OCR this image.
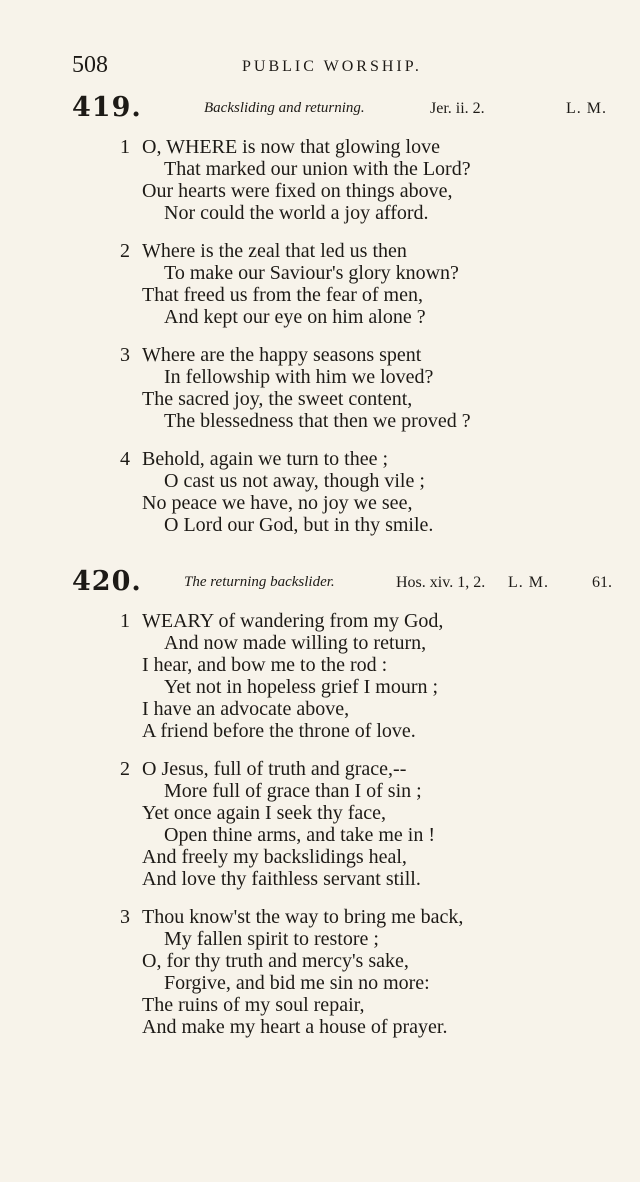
508	PUBLIC WORSHIP.
419.	Backsliding and returning.	Jer. ii. 2.	L. M.
1 O, WHERE is now that glowing love
That marked our union with the Lord?
Our hearts were fixed on things above,
Nor could the world a joy afford.
2 Where is the zeal that led us then
To make our Saviour's glory known?
That freed us from the fear of men,
And kept our eye on him alone ?
3 Where are the happy seasons spent
In fellowship with him we loved?
The sacred joy, the sweet content,
The blessedness that then we proved ?
4 Behold, again we turn to thee ;
O cast us not away, though vile ;
No peace we have, no joy we see,
O Lord our God, but in thy smile.
420.	The returning backslider.	Hos. xiv. 1, 2. L. M.	61.
1 WEARY of wandering from my God,
And now made willing to return,
I hear, and bow me to the rod :
Yet not in hopeless grief I mourn ;
I have an advocate above,
A friend before the throne of love.
2 O Jesus, full of truth and grace,--
More full of grace than I of sin ;
Yet once again I seek thy face,
Open thine arms, and take me in !
And freely my backslidings heal,
And love thy faithless servant still.
3 Thou know'st the way to bring me back,
My fallen spirit to restore ;
O, for thy truth and mercy's sake,
Forgive, and bid me sin no more:
The ruins of my soul repair,
And make my heart a house of prayer.
